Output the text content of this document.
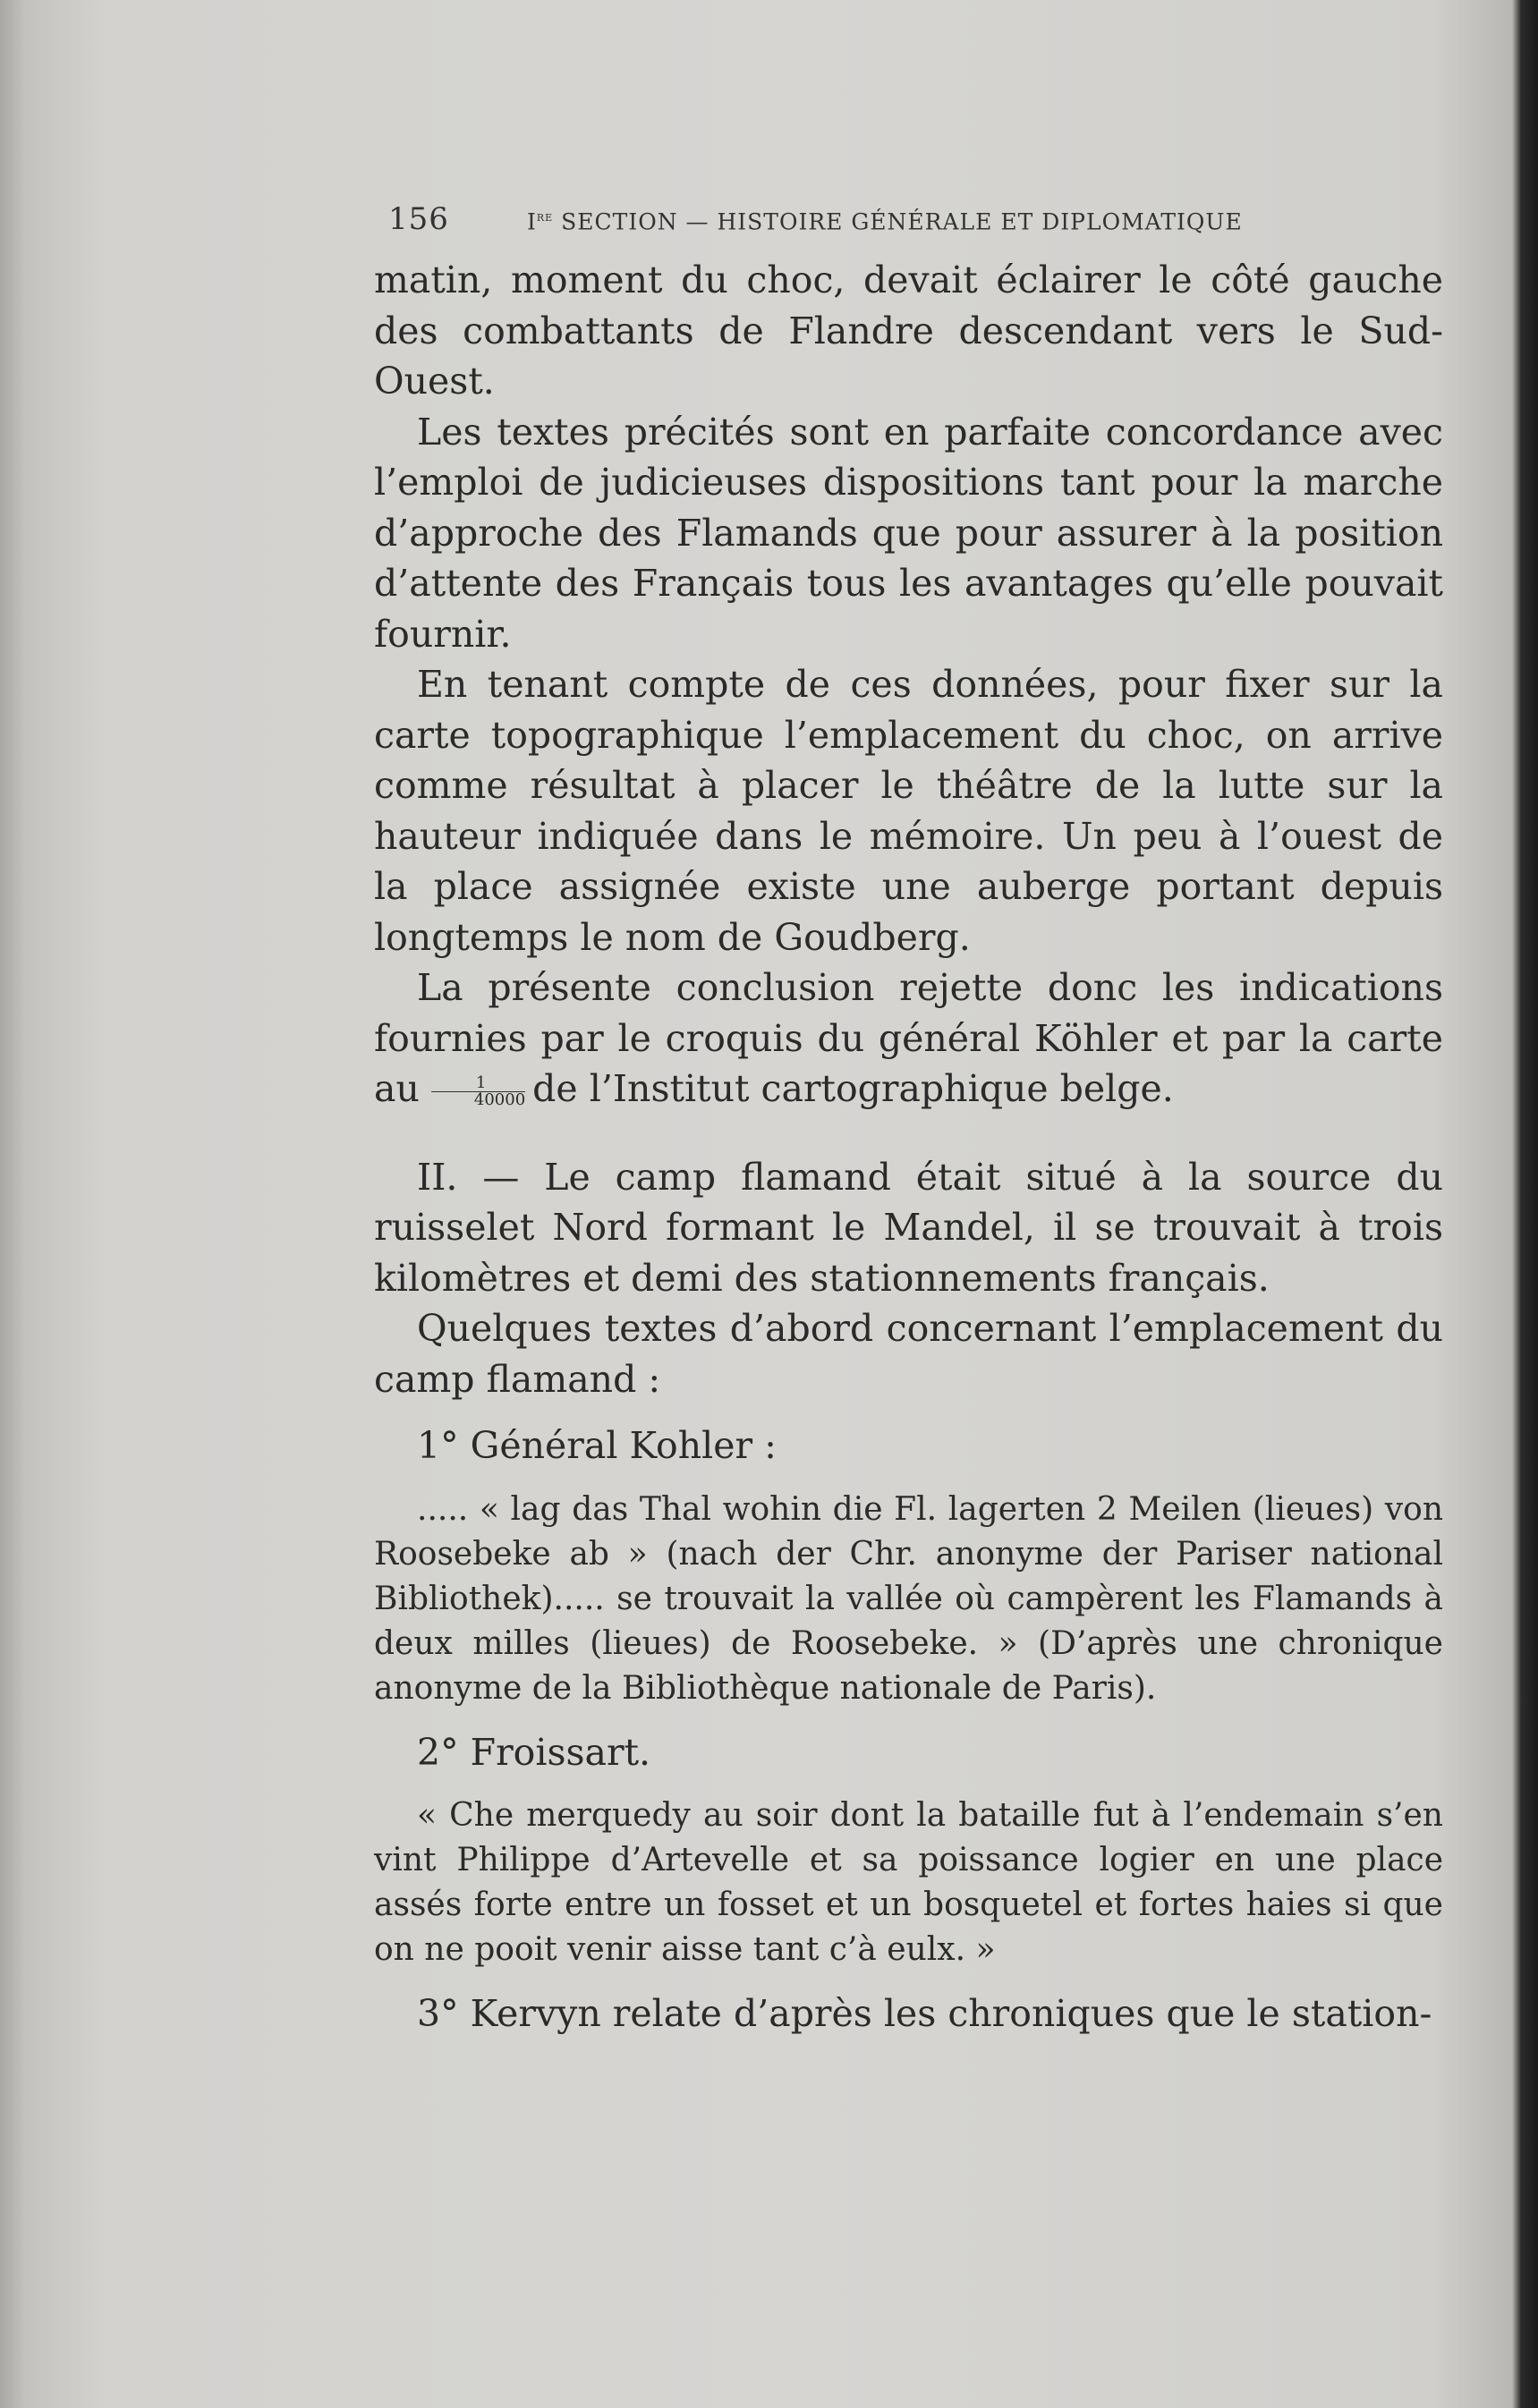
156	Ire SECTION — HISTOIRE GÉNÉRALE ET DIPLOMATIQUE

matin, moment du choc, devait éclairer le côté gauche des combattants de Flandre descendant vers le Sud-Ouest.

Les textes précités sont en parfaite concordance avec l’emploi de judicieuses dispositions tant pour la marche d’approche des Flamands que pour assurer à la position d’attente des Français tous les avantages qu’elle pouvait fournir.

En tenant compte de ces données, pour fixer sur la carte topographique l’emplacement du choc, on arrive comme résultat à placer le théâtre de la lutte sur la hauteur indiquée dans le mémoire. Un peu à l’ouest de la place assignée existe une auberge portant depuis longtemps le nom de Goudberg.

La présente conclusion rejette donc les indications fournies par le croquis du général Köhler et par la carte au $\frac{1}{40000}$ de l’Institut cartographique belge.

II. — Le camp flamand était situé à la source du ruisselet Nord formant le Mandel, il se trouvait à trois kilomètres et demi des stationnements français.

Quelques textes d’abord concernant l’emplacement du camp flamand :

1° Général Kohler :

..... « lag das Thal wohin die Fl. lagerten 2 Meilen (lieues) von Roosebeke ab » (nach der Chr. anonyme der Pariser national Bibliothek)..... se trouvait la vallée où campèrent les Flamands à deux milles (lieues) de Roosebeke. » (D’après une chronique anonyme de la Bibliothèque nationale de Paris).

2° Froissart.

« Che merquedy au soir dont la bataille fut à l’endemain s’en vint Philippe d’Artevelle et sa poissance logier en une place assés forte entre un fosset et un bosquetel et fortes haies si que on ne pooit venir aisse tant c’à eulx. »

3° Kervyn relate d’après les chroniques que le station-
